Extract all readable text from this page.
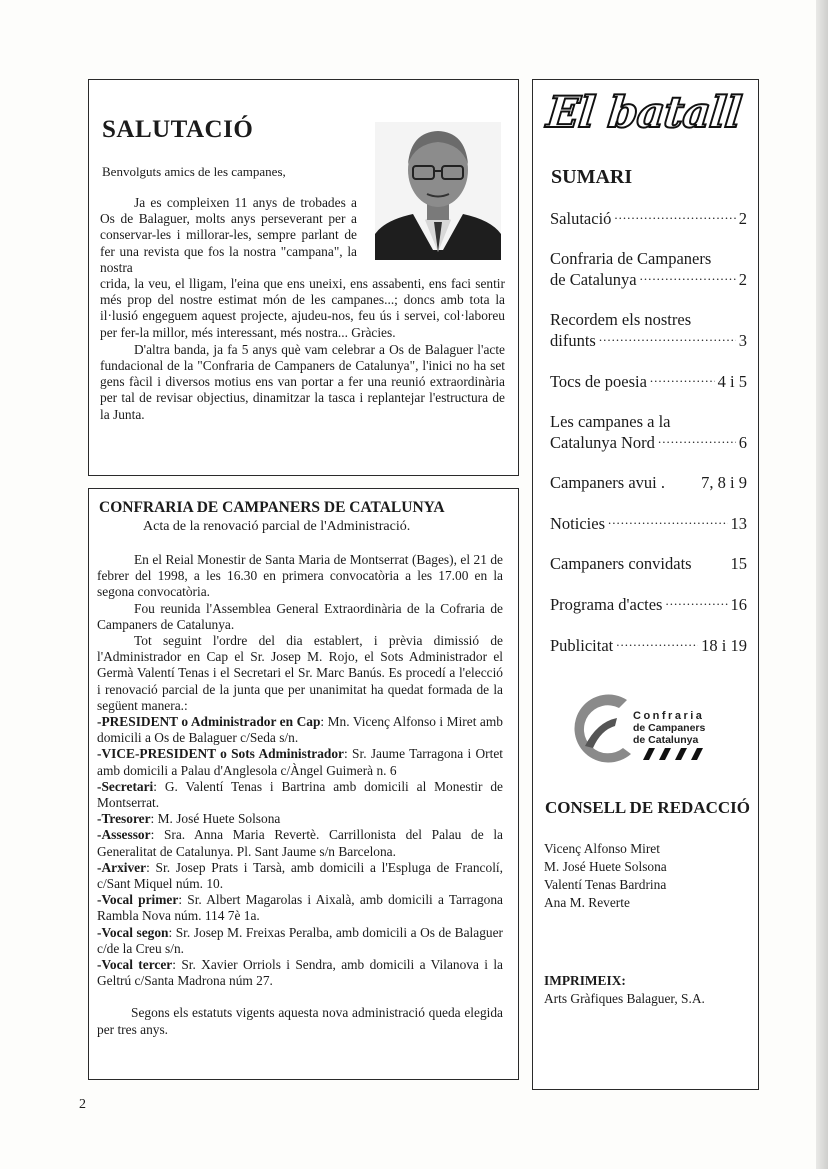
SALUTACIÓ
Benvolguts amics de les campanes,

Ja es compleixen 11 anys de trobades a Os de Balaguer, molts anys perseverant per a conservar-les i millorar-les, sempre parlant de fer una revista que fos la nostra "campana", la nostra

crida, la veu, el lligam, l'eina que ens uneixi, ens assabenti, ens faci sentir més prop del nostre estimat món de les campanes...; doncs amb tota la il·lusió engeguem aquest projecte, ajudeu-nos, feu ús i servei, col·laboreu per fer-la millor, més interessant, més nostra... Gràcies.

D'altra banda, ja fa 5 anys què vam celebrar a Os de Balaguer l'acte fundacional de la "Confraria de Campaners de Catalunya", l'inici no ha set gens fàcil i diversos motius ens van portar a fer una reunió extraordinària per tal de revisar objectius, dinamitzar la tasca i replantejar l'estructura de la Junta.

CONFRARIA DE CAMPANERS DE CATALUNYA
Acta de la renovació parcial de l'Administració.

En el Reial Monestir de Santa Maria de Montserrat (Bages), el 21 de febrer del 1998, a les 16.30 en primera convocatòria a les 17.00 en la segona convocatòria.

Fou reunida l'Assemblea General Extraordinària de la Cofraria de Campaners de Catalunya.

Tot seguint l'ordre del dia establert, i prèvia dimissió de l'Administrador en Cap el Sr. Josep M. Rojo, el Sots Administrador el Germà Valentí Tenas i el Secretari el Sr. Marc Banús. Es procedí a l'elecció i renovació parcial de la junta que per unanimitat ha quedat formada de la següent manera.:

-PRESIDENT o Administrador en Cap: Mn. Vicenç Alfonso i Miret amb domicili a Os de Balaguer c/Seda s/n.

-VICE-PRESIDENT o Sots Administrador: Sr. Jaume Tarragona i Ortet amb domicili a Palau d'Anglesola c/Àngel Guimerà n. 6

-Secretari: G. Valentí Tenas i Bartrina amb domicili al Monestir de Montserrat.

-Tresorer: M. José Huete Solsona

-Assessor: Sra. Anna Maria Revertè. Carrillonista del Palau de la Generalitat de Catalunya. Pl. Sant Jaume s/n Barcelona.

-Arxiver: Sr. Josep Prats i Tarsà, amb domicili a l'Espluga de Francolí, c/Sant Miquel núm. 10.

-Vocal primer: Sr. Albert Magarolas i Aixalà, amb domicili a Tarragona Rambla Nova núm. 114 7è 1a.

-Vocal segon: Sr. Josep M. Freixas Peralba, amb domicili a Os de Balaguer c/de la Creu s/n.

-Vocal tercer: Sr. Xavier Orriols i Sendra, amb domicili a Vilanova i la Geltrú c/Santa Madrona núm 27.

Segons els estatuts vigents aquesta nova administració queda elegida per tres anys.

El batall
SUMARI
Salutació .....	2
Confraria de Campaners
de Catalunya .....	2
Recordem els nostres
difunts .....	3
Tocs de poesia .....	4 i 5
Les campanes a la
Catalunya Nord .....	6
Campaners avui . 7, 8 i 9
Noticies .....	13
Campaners convidats 15
Programa d'actes .....	16
Publicitat .....	18 i 19
Confraria
de Campaners
de Catalunya
CONSELL DE REDACCIÓ
Vicenç Alfonso Miret
M. José Huete Solsona
Valentí Tenas Bardrina
Ana M. Reverte
IMPRIMEIX:
Arts Gràfiques Balaguer, S.A.
2
